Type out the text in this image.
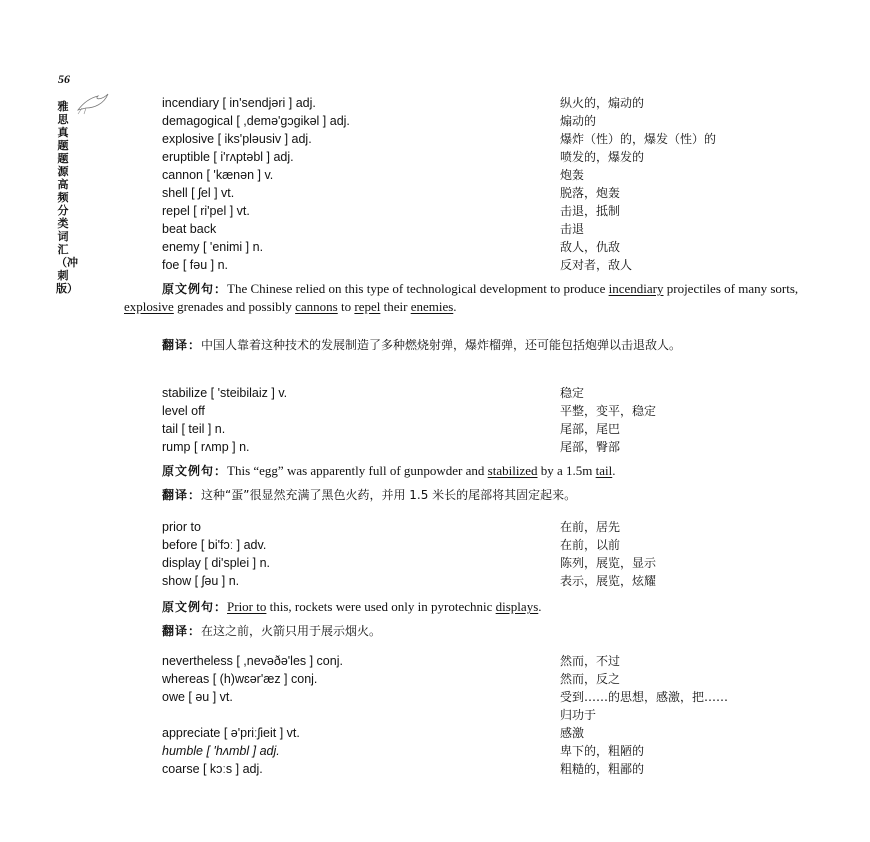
56
雅思真题题源高频分类词汇（冲刺版）
incendiary [ in'sendjəri ] adj.	纵火的，煽动的
demagogical [ ,demə'gɔgikəl ] adj.	煽动的
explosive [ iks'pləusiv ] adj.	爆炸（性）的，爆发（性）的
eruptible [ i'rʌptəbl ] adj.	喷发的，爆发的
cannon [ 'kænən ] v.	炮轰
shell [ ʃel ] vt.	脱落，炮轰
repel [ ri'pel ] vt.	击退，抵制
beat back	击退
enemy [ 'enimi ] n.	敌人，仇敌
foe [ fəu ] n.	反对者，敌人
原文例句：The Chinese relied on this type of technological development to produce incendiary projectiles of many sorts, explosive grenades and possibly cannons to repel their enemies.
翻译：中国人靠着这种技术的发展制造了多种燃烧射弹，爆炸榴弹，还可能包括炮弹以击退敌人。
stabilize [ 'steibilaiz ] v.	稳定
level off	平整，变平，稳定
tail [ teil ] n.	尾部，尾巴
rump [ rʌmp ] n.	尾部，臀部
原文例句：This “egg” was apparently full of gunpowder and stabilized by a 1.5m tail.
翻译：这种“蛋”很显然充满了黑色火药，并用 1.5 米长的尾部将其固定起来。
prior to	在前，居先
before [ bi'fɔː ] adv.	在前，以前
display [ di'splei ] n.	陈列，展览，显示
show [ ʃəu ] n.	表示，展览，炫耀
原文例句：Prior to this, rockets were used only in pyrotechnic displays.
翻译：在这之前，火箭只用于展示烟火。
nevertheless [ ,nevəðə'les ] conj.	然而，不过
whereas [ (h)wɛər'æz ] conj.	然而，反之
owe [ əu ] vt.	受到……的思想，感激，把……
归功于
appreciate [ ə'priːʃieit ] vt.	感激
humble [ 'hʌmbl ] adj.	卑下的，粗陋的
coarse [ kɔːs ] adj.	粗糙的，粗鄙的
